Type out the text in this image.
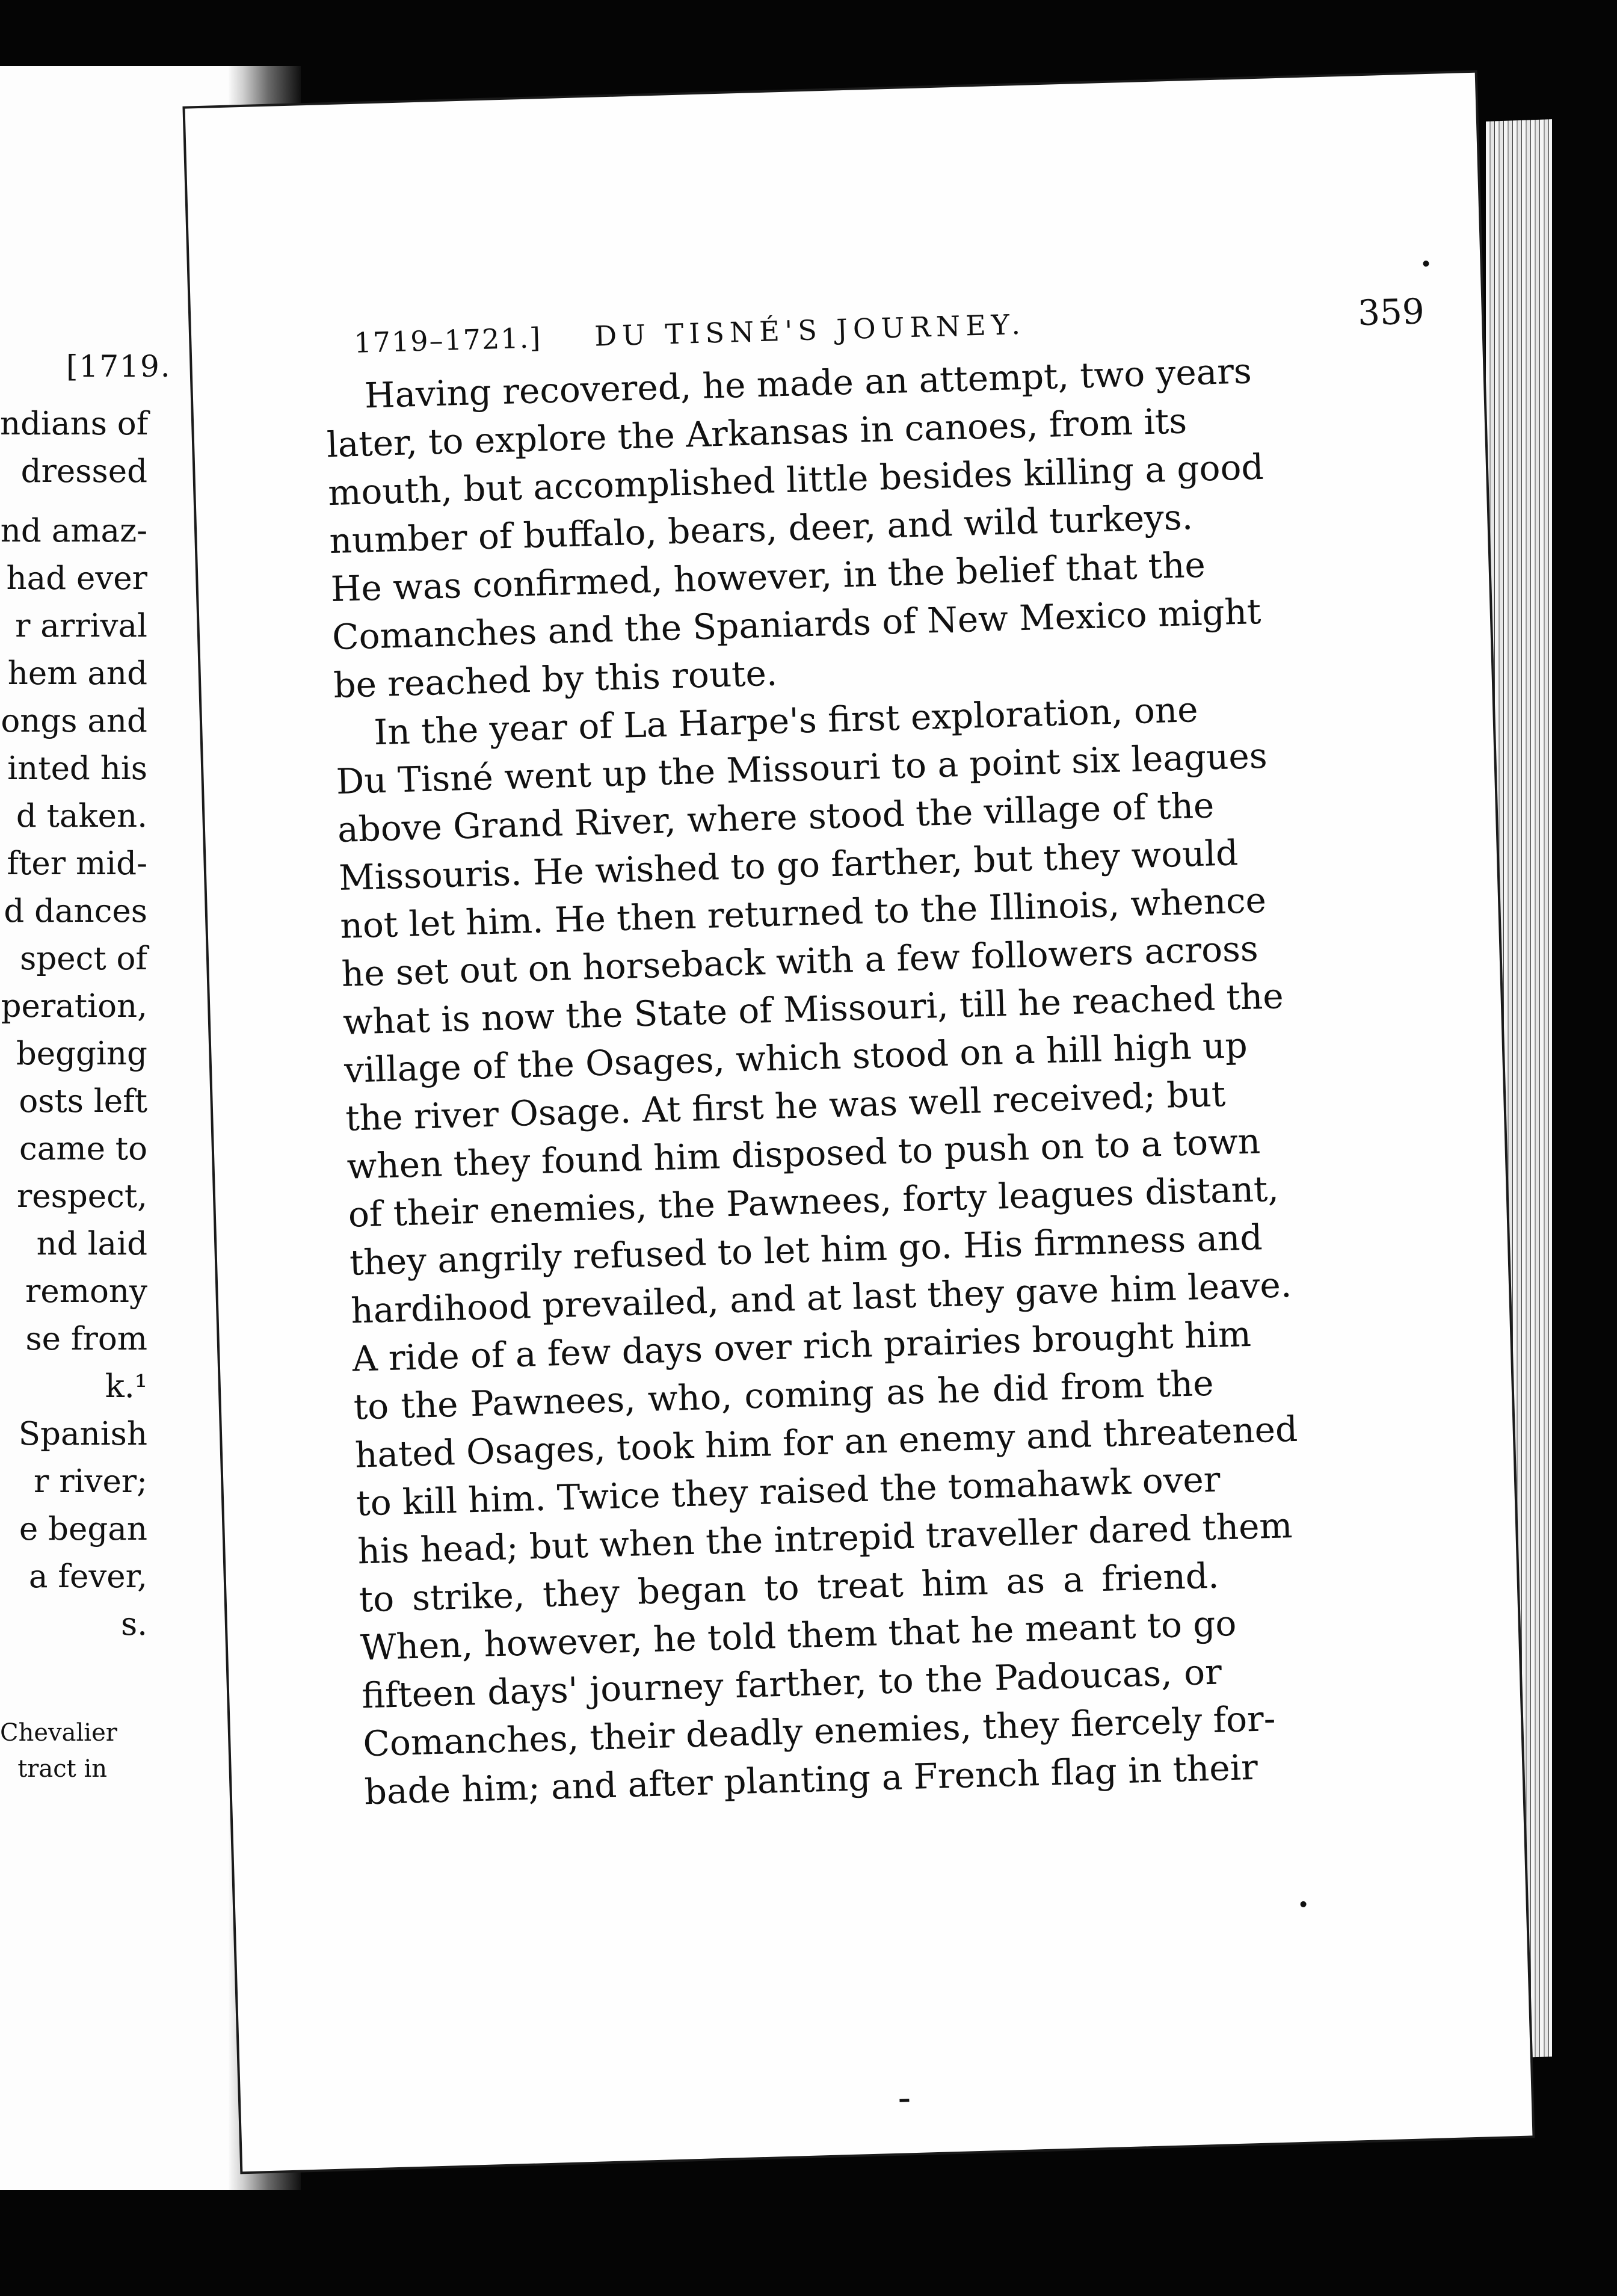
[1719.

ndians of
dressed
nd amaz-
had ever
r arrival
hem and
ongs and
inted his
d taken.
fter mid-
d dances
spect of
peration,
begging
osts left
came to
respect,
nd laid
remony
se from
k.¹
Spanish
r river;
e began
a fever,
s.
Chevalier
tract in
1719–1721.] DU TISNÉ'S JOURNEY.	359
Having recovered, he made an attempt, two years
later, to explore the Arkansas in canoes, from its
mouth, but accomplished little besides killing a good
number of buffalo, bears, deer, and wild turkeys.
He was confirmed, however, in the belief that the
Comanches and the Spaniards of New Mexico might
be reached by this route.
In the year of La Harpe's first exploration, one
Du Tisné went up the Missouri to a point six leagues
above Grand River, where stood the village of the
Missouris. He wished to go farther, but they would
not let him. He then returned to the Illinois, whence
he set out on horseback with a few followers across
what is now the State of Missouri, till he reached the
village of the Osages, which stood on a hill high up
the river Osage. At first he was well received; but
when they found him disposed to push on to a town
of their enemies, the Pawnees, forty leagues distant,
they angrily refused to let him go. His firmness and
hardihood prevailed, and at last they gave him leave.
A ride of a few days over rich prairies brought him
to the Pawnees, who, coming as he did from the
hated Osages, took him for an enemy and threatened
to kill him. Twice they raised the tomahawk over
his head; but when the intrepid traveller dared them
to strike, they began to treat him as a friend.
When, however, he told them that he meant to go
fifteen days' journey farther, to the Padoucas, or
Comanches, their deadly enemies, they fiercely for-
bade him; and after planting a French flag in their
